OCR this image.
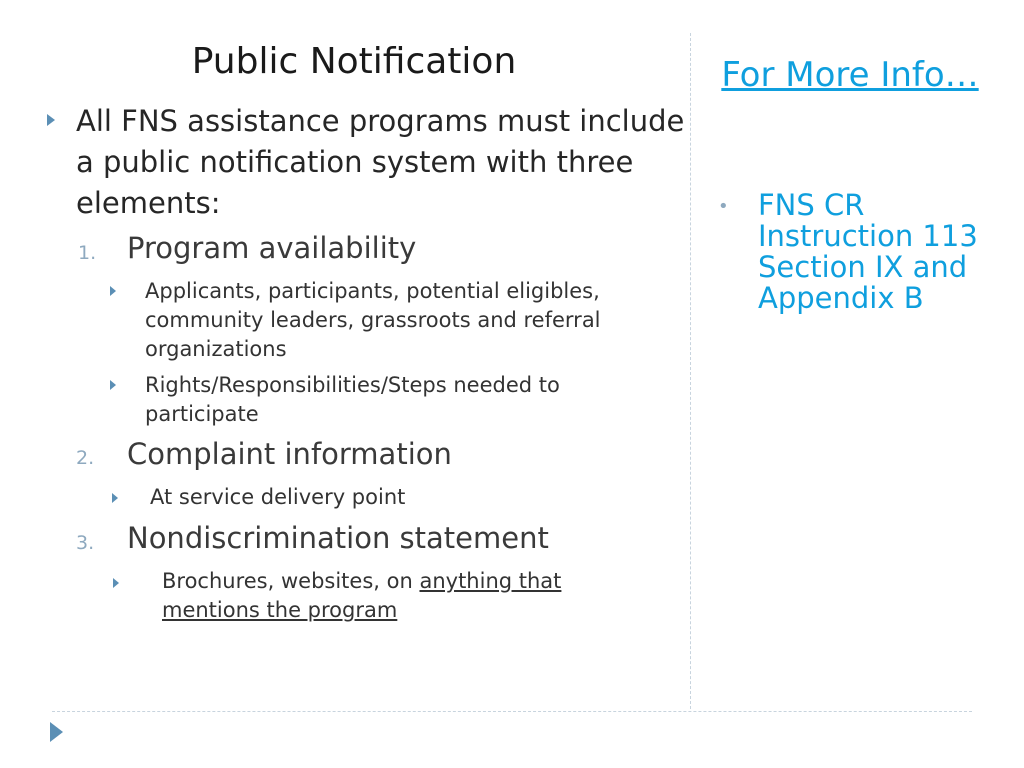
Public Notification
All FNS assistance programs must include a public notification system with three elements:
1. Program availability
Applicants, participants, potential eligibles, community leaders, grassroots and referral organizations
Rights/Responsibilities/Steps needed to participate
2. Complaint information
At service delivery point
3. Nondiscrimination statement
Brochures, websites, on anything that mentions the program
For More Info…
• FNS CR Instruction 113 Section IX and Appendix B
